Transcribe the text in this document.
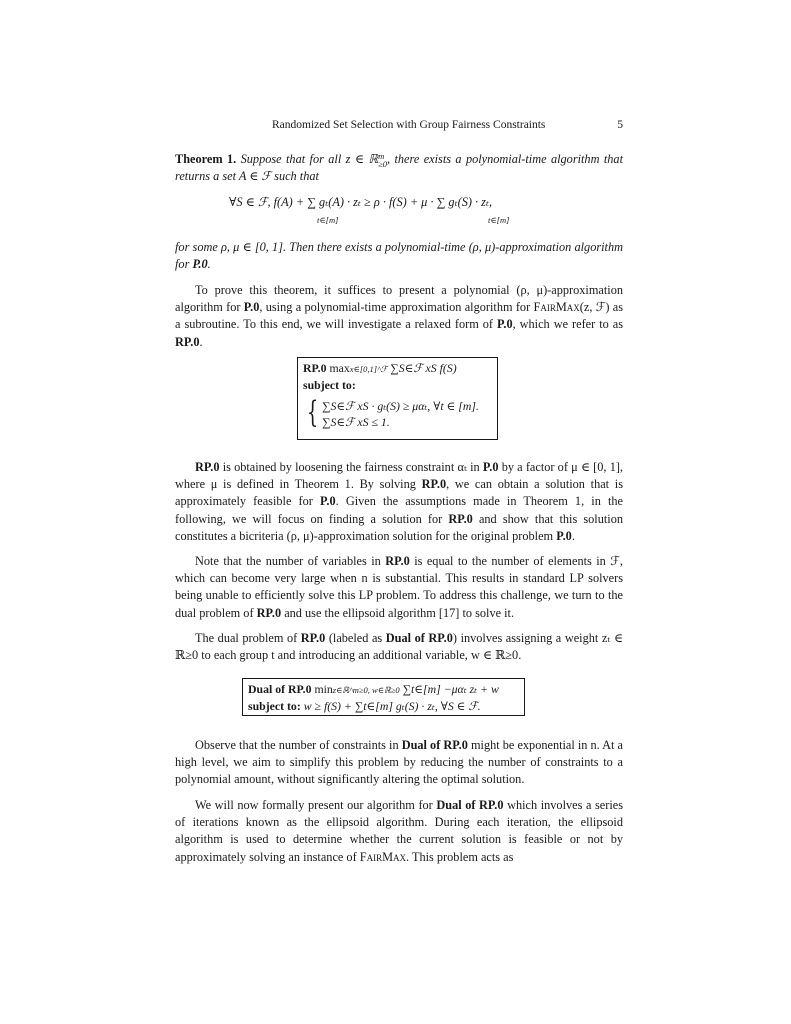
Randomized Set Selection with Group Fairness Constraints	5
Theorem 1. Suppose that for all z ∈ ℝ m
≥0 , there exists a polynomial-time algorithm that returns a set A ∈ ℱ such that
∀S ∈ ℱ, f(A) + ∑ gₜ(A) · zₜ ≥ ρ · f(S) + μ · ∑ gₜ(S) · zₜ,
t∈[m]	t∈[m]
for some ρ, μ ∈ [0, 1]. Then there exists a polynomial-time (ρ, μ)-approximation algorithm for P.0.
To prove this theorem, it suffices to present a polynomial (ρ, μ)-approximation algorithm for P.0, using a polynomial-time approximation algorithm for FairMax(z, ℱ) as a subroutine. To this end, we will investigate a relaxed form of P.0, which we refer to as RP.0.
RP.0 maxx∈[0,1]^ℱ ∑S∈ℱ xS f(S)
subject to:
{ ∑S∈ℱ xS · gₜ(S) ≥ μαₜ, ∀t ∈ [m].
∑S∈ℱ xS ≤ 1.
RP.0 is obtained by loosening the fairness constraint αₜ in P.0 by a factor of μ ∈ [0, 1], where μ is defined in Theorem 1. By solving RP.0, we can obtain a solution that is approximately feasible for P.0. Given the assumptions made in Theorem 1, in the following, we will focus on finding a solution for RP.0 and show that this solution constitutes a bicriteria (ρ, μ)-approximation solution for the original problem P.0.
Note that the number of variables in RP.0 is equal to the number of elements in ℱ, which can become very large when n is substantial. This results in standard LP solvers being unable to efficiently solve this LP problem. To address this challenge, we turn to the dual problem of RP.0 and use the ellipsoid algorithm [17] to solve it.
The dual problem of RP.0 (labeled as Dual of RP.0) involves assigning a weight zₜ ∈ ℝ≥0 to each group t and introducing an additional variable, w ∈ ℝ≥0.
Dual of RP.0 minz∈ℝ^m≥0, w∈ℝ≥0 ∑t∈[m] −μαₜ zₜ + w
subject to: w ≥ f(S) + ∑t∈[m] gₜ(S) · zₜ, ∀S ∈ ℱ.
Observe that the number of constraints in Dual of RP.0 might be exponential in n. At a high level, we aim to simplify this problem by reducing the number of constraints to a polynomial amount, without significantly altering the optimal solution.
We will now formally present our algorithm for Dual of RP.0 which involves a series of iterations known as the ellipsoid algorithm. During each iteration, the ellipsoid algorithm is used to determine whether the current solution is feasible or not by approximately solving an instance of FairMax. This problem acts as
